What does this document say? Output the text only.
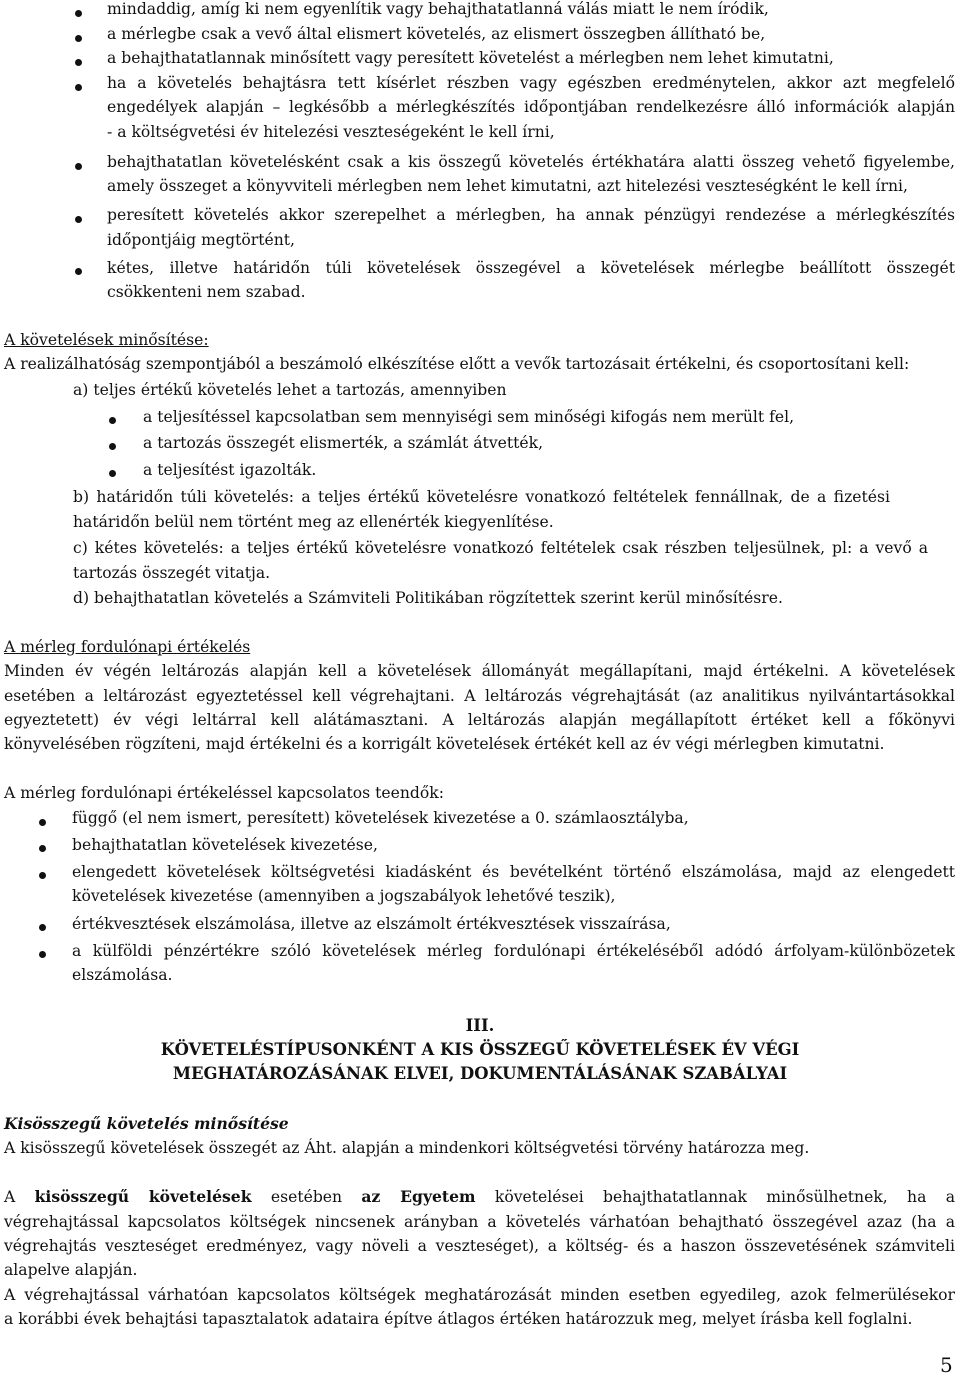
mindaddig, amíg ki nem egyenlítik vagy behajthatatlanná válás miatt le nem íródik,
a mérlegbe csak a vevő által elismert követelés, az elismert összegben állítható be,
a behajthatatlannak minősített vagy peresített követelést a mérlegben nem lehet kimutatni,
ha a követelés behajtásra tett kísérlet részben vagy egészben eredménytelen, akkor azt megfelelő
engedélyek alapján – legkésőbb a mérlegkészítés időpontjában rendelkezésre álló információk alapján
- a költségvetési év hitelezési veszteségeként le kell írni,
behajthatatlan követelésként csak a kis összegű követelés értékhatára alatti összeg vehető figyelembe,
amely összeget a könyvviteli mérlegben nem lehet kimutatni, azt hitelezési veszteségként le kell írni,
peresített követelés akkor szerepelhet a mérlegben, ha annak pénzügyi rendezése a mérlegkészítés
időpontjáig megtörtént,
kétes, illetve határidőn túli követelések összegével a követelések mérlegbe beállított összegét
csökkenteni nem szabad.
A követelések minősítése:
A realizálhatóság szempontjából a beszámoló elkészítése előtt a vevők tartozásait értékelni, és csoportosítani kell:
a) teljes értékű követelés lehet a tartozás, amennyiben
a teljesítéssel kapcsolatban sem mennyiségi sem minőségi kifogás nem merült fel,
a tartozás összegét elismerték, a számlát átvették,
a teljesítést igazolták.
b) határidőn túli követelés: a teljes értékű követelésre vonatkozó feltételek fennállnak, de a fizetési
határidőn belül nem történt meg az ellenérték kiegyenlítése.
c) kétes követelés: a teljes értékű követelésre vonatkozó feltételek csak részben teljesülnek, pl: a vevő a
tartozás összegét vitatja.
d) behajthatatlan követelés a Számviteli Politikában rögzítettek szerint kerül minősítésre.
A mérleg fordulónapi értékelés
Minden év végén leltározás alapján kell a követelések állományát megállapítani, majd értékelni. A követelések
esetében a leltározást egyeztetéssel kell végrehajtani. A leltározás végrehajtását (az analitikus nyilvántartásokkal
egyeztetett) év végi leltárral kell alátámasztani. A leltározás alapján megállapított értéket kell a főkönyvi
könyvelésében rögzíteni, majd értékelni és a korrigált követelések értékét kell az év végi mérlegben kimutatni.
A mérleg fordulónapi értékeléssel kapcsolatos teendők:
függő (el nem ismert, peresített) követelések kivezetése a 0. számlaosztályba,
behajthatatlan követelések kivezetése,
elengedett követelések költségvetési kiadásként és bevételként történő elszámolása, majd az elengedett
követelések kivezetése (amennyiben a jogszabályok lehetővé teszik),
értékvesztések elszámolása, illetve az elszámolt értékvesztések visszaírása,
a külföldi pénzértékre szóló követelések mérleg fordulónapi értékeléséből adódó árfolyam-különbözetek
elszámolása.
III.
KÖVETELÉSTÍPUSONKÉNT A KIS ÖSSZEGŰ KÖVETELÉSEK ÉV VÉGI
MEGHATÁROZÁSÁNAK ELVEI, DOKUMENTÁLÁSÁNAK SZABÁLYAI
Kisösszegű követelés minősítése
A kisösszegű követelések összegét az Áht. alapján a mindenkori költségvetési törvény határozza meg.
A kisösszegű követelések esetében az Egyetem követelései behajthatatlannak minősülhetnek, ha a
végrehajtással kapcsolatos költségek nincsenek arányban a követelés várhatóan behajtható összegével azaz (ha a
végrehajtás veszteséget eredményez, vagy növeli a veszteséget), a költség- és a haszon összevetésének számviteli
alapelve alapján.
A végrehajtással várhatóan kapcsolatos költségek meghatározását minden esetben egyedileg, azok felmerülésekor
a korábbi évek behajtási tapasztalatok adataira építve átlagos értéken határozzuk meg, melyet írásba kell foglalni.
5
